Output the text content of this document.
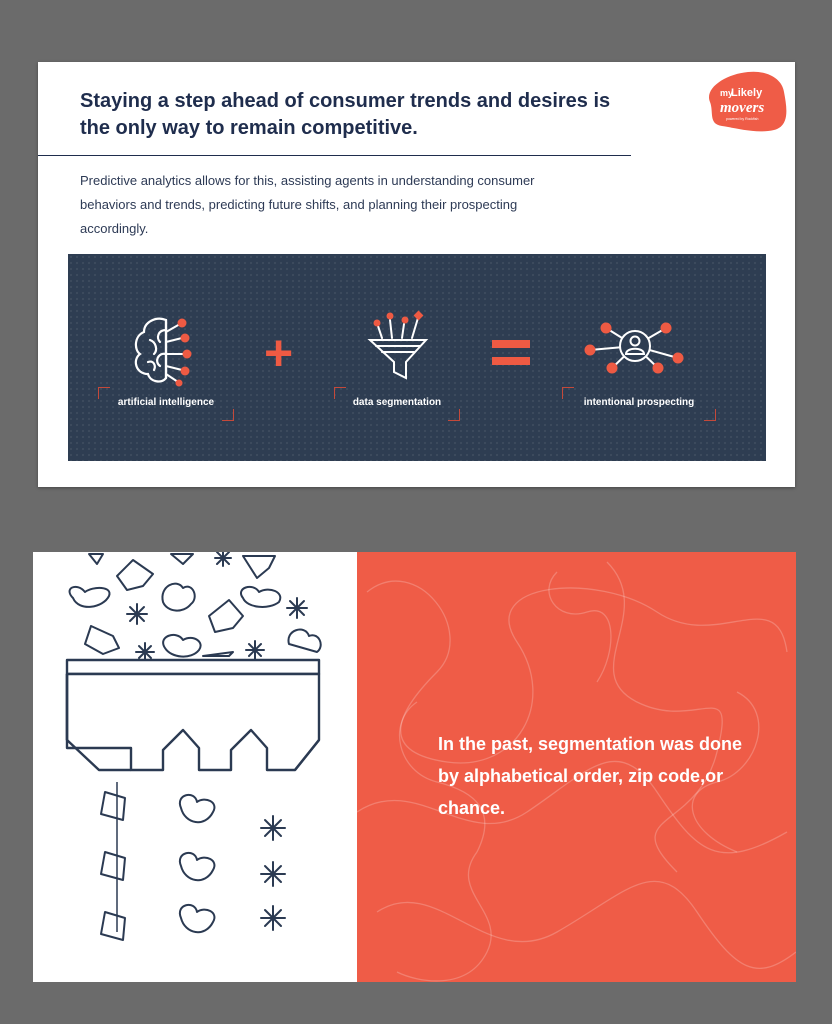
Staying a step ahead of consumer trends and desires is the only way to remain competitive.

Predictive analytics allows for this, assisting agents in understanding consumer behaviors and trends, predicting future shifts, and planning their prospecting accordingly.

my
Likely
movers
powered by Rockfish
+
artificial intelligence	data segmentation	intentional prospecting

In the past, segmentation was done by alphabetical order, zip code,or chance.
